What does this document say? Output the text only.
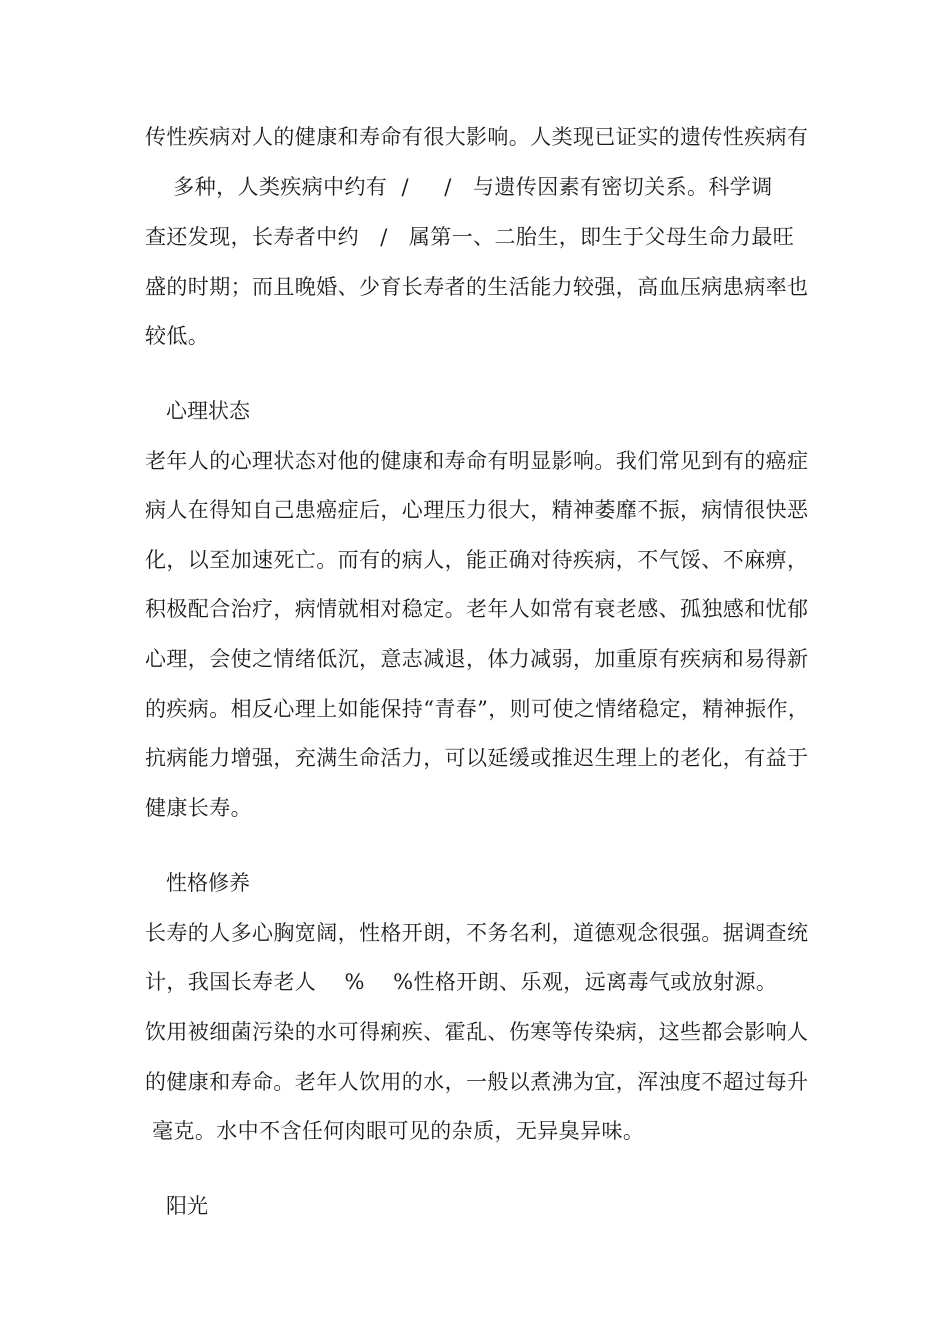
传性疾病对人的健康和寿命有很大影响。人类现已证实的遗传性疾病有
多种，人类疾病中约有  /     /   与遗传因素有密切关系。科学调
查还发现，长寿者中约   /   属第一、二胎生，即生于父母生命力最旺
盛的时期；而且晚婚、少育长寿者的生活能力较强，高血压病患病率也
较低。
心理状态
老年人的心理状态对他的健康和寿命有明显影响。我们常见到有的癌症
病人在得知自己患癌症后，心理压力很大，精神萎靡不振，病情很快恶
化，以至加速死亡。而有的病人，能正确对待疾病，不气馁、不麻痹，
积极配合治疗，病情就相对稳定。老年人如常有衰老感、孤独感和忧郁
心理，会使之情绪低沉，意志减退，体力减弱，加重原有疾病和易得新
的疾病。相反心理上如能保持“青春”，则可使之情绪稳定，精神振作，
抗病能力增强，充满生命活力，可以延缓或推迟生理上的老化，有益于
健康长寿。
性格修养
长寿的人多心胸宽阔，性格开朗，不务名利，道德观念很强。据调查统
计，我国长寿老人    %    %性格开朗、乐观，远离毒气或放射源。
饮用被细菌污染的水可得痢疾、霍乱、伤寒等传染病，这些都会影响人
的健康和寿命。老年人饮用的水，一般以煮沸为宜，浑浊度不超过每升
毫克。水中不含任何肉眼可见的杂质，无异臭异味。
阳光
